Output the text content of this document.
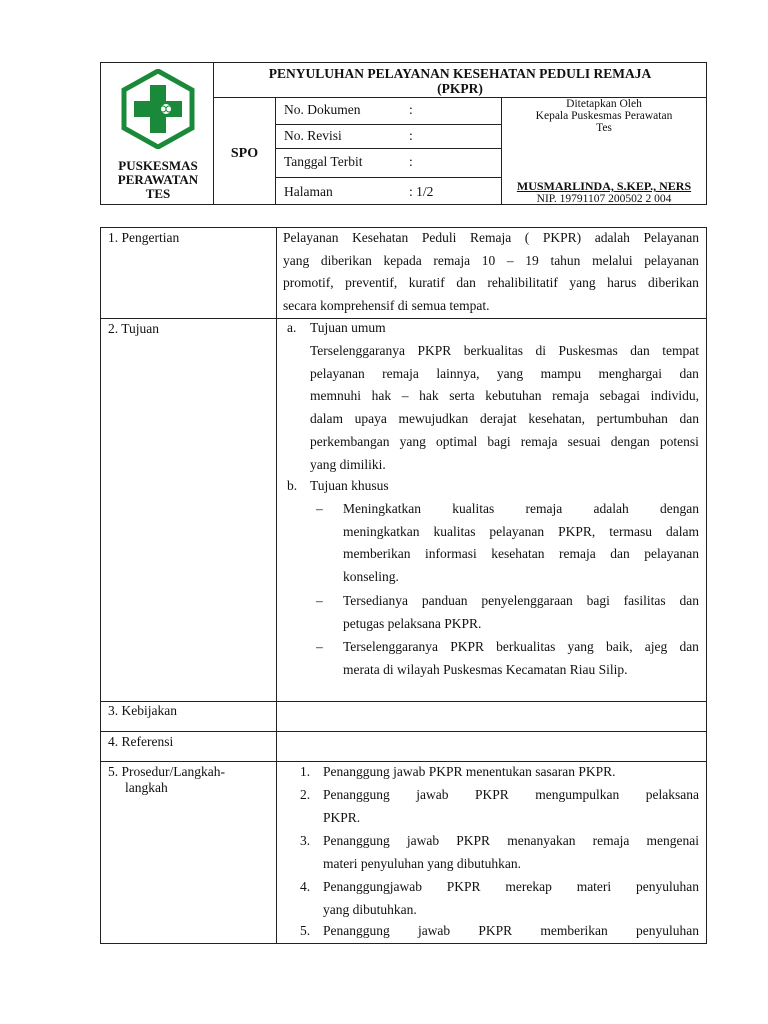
PUSKESMAS
PERAWATAN
TES
PENYULUHAN PELAYANAN KESEHATAN PEDULI REMAJA
(PKPR)
SPO
No. Dokumen	:
No. Revisi	:
Tanggal Terbit	:
Halaman	: 1/2
Ditetapkan Oleh
Kepala Puskesmas Perawatan
Tes
MUSMARLINDA, S.KEP., NERS
NIP. 19791107 200502 2 004
1. Pengertian	Pelayanan Kesehatan Peduli Remaja ( PKPR) adalah Pelayanan
yang diberikan kepada remaja 10 – 19 tahun melalui pelayanan
promotif, preventif, kuratif dan rehalibilitatif yang harus diberikan
secara komprehensif di semua tempat.
2. Tujuan	a. Tujuan umum
Terselenggaranya PKPR berkualitas di Puskesmas dan tempat
pelayanan remaja lainnya, yang mampu menghargai dan
memnuhi hak – hak serta kebutuhan remaja sebagai individu,
dalam upaya mewujudkan derajat kesehatan, pertumbuhan dan
perkembangan yang optimal bagi remaja sesuai dengan potensi
yang dimiliki.
b. Tujuan khusus
– Meningkatkan kualitas remaja adalah dengan
meningkatkan kualitas pelayanan PKPR, termasu dalam
memberikan informasi kesehatan remaja dan pelayanan
konseling.
– Tersedianya panduan penyelenggaraan bagi fasilitas dan
petugas pelaksana PKPR.
– Terselenggaranya PKPR berkualitas yang baik, ajeg dan
merata di wilayah Puskesmas Kecamatan Riau Silip.
3. Kebijakan
4. Referensi
5. Prosedur/Langkah-
langkah
1. Penanggung jawab PKPR menentukan sasaran PKPR.
2. Penanggung jawab PKPR mengumpulkan pelaksana
PKPR.
3. Penanggung jawab PKPR menanyakan remaja mengenai
materi penyuluhan yang dibutuhkan.
4. Penanggungjawab PKPR merekap materi penyuluhan
yang dibutuhkan.
5. Penanggung jawab PKPR memberikan penyuluhan
